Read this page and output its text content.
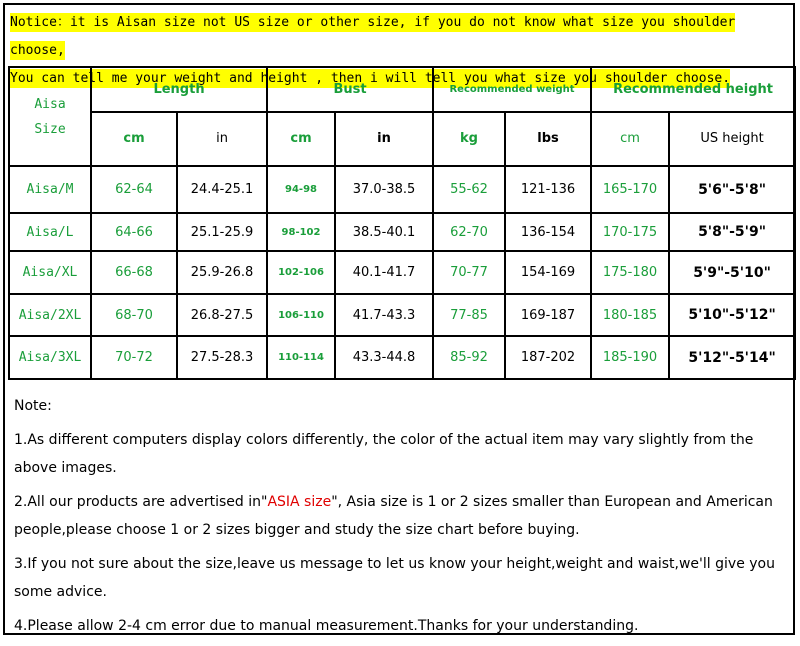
Notice：it is Aisan size not US size or other size, if you do not know what size you shoulder choose,
You can tell me your weight and height , then i will tell you what size you shoulder choose.
Aisa
Size	Length		Bust		Recommended weight		Recommended height	
	cm	in	cm	in	kg	lbs	cm	US height
Aisa/M	62-64	24.4-25.1	94-98	37.0-38.5	55-62	121-136	165-170	5'6"-5'8"
Aisa/L	64-66	25.1-25.9	98-102	38.5-40.1	62-70	136-154	170-175	5'8"-5'9"
Aisa/XL	66-68	25.9-26.8	102-106	40.1-41.7	70-77	154-169	175-180	5'9"-5'10"
Aisa/2XL	68-70	26.8-27.5	106-110	41.7-43.3	77-85	169-187	180-185	5'10"-5'12"
Aisa/3XL	70-72	27.5-28.3	110-114	43.3-44.8	85-92	187-202	185-190	5'12"-5'14"

Note:

1.As different computers display colors differently, the color of the actual item may vary slightly from the above images.

2.All our products are advertised in"ASIA size", Asia size is 1 or 2 sizes smaller than European and American people,please choose 1 or 2 sizes bigger and study the size chart before buying.

3.If you not sure about the size,leave us message to let us know your height,weight and waist,we'll give you some advice.

4.Please allow 2-4 cm error due to manual measurement.Thanks for your understanding.
